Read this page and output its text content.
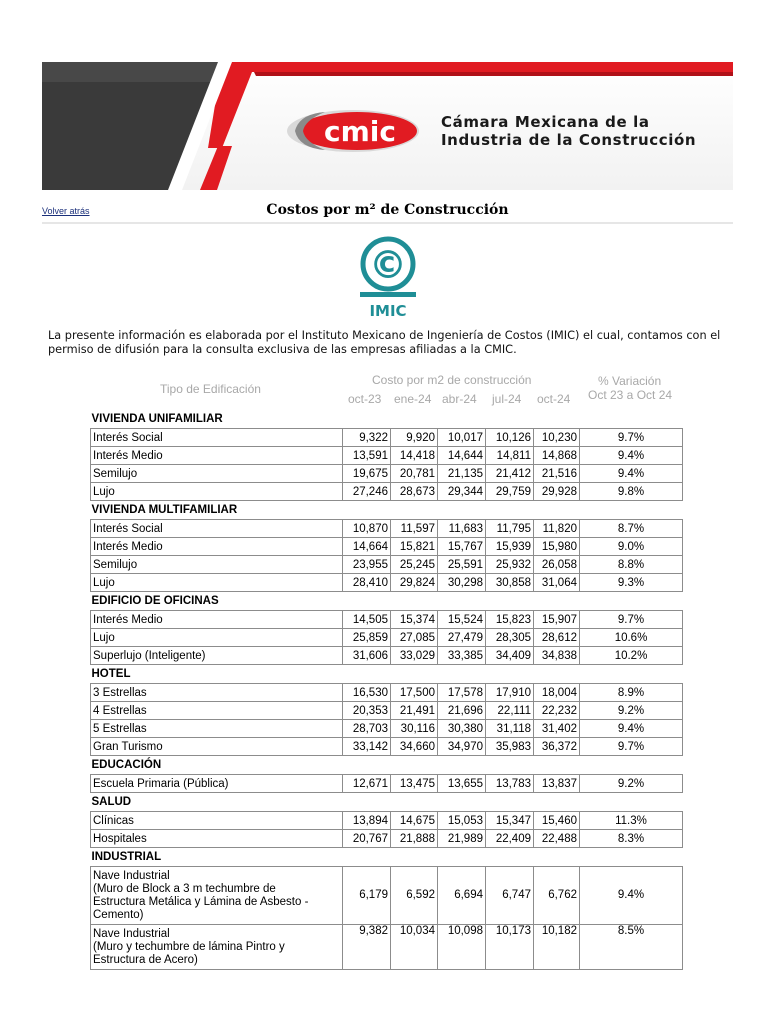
cmic	Cámara Mexicana de la
Industria de la Construcción
Volver atrás	Costos por m² de Construcción
©
IMIC
La presente información es elaborada por el Instituto Mexicano de Ingeniería de Costos (IMIC) el cual, contamos con el permiso de difusión para la consulta exclusiva de las empresas afiliadas a la CMIC.
Tipo de Edificación
Costo por m2 de construcción
oct-23 ene-24 abr-24 jul-24 oct-24
% Variación
Oct 23 a Oct 24
VIVIENDA UNIFAMILIAR						

Interés Social	9,322	9,920	10,017	10,126	10,230	9.7%

Interés Medio	13,591	14,418	14,644	14,811	14,868	9.4%

Semilujo	19,675	20,781	21,135	21,412	21,516	9.4%

Lujo	27,246	28,673	29,344	29,759	29,928	9.8%
VIVIENDA MULTIFAMILIAR						

Interés Social	10,870	11,597	11,683	11,795	11,820	8.7%

Interés Medio	14,664	15,821	15,767	15,939	15,980	9.0%

Semilujo	23,955	25,245	25,591	25,932	26,058	8.8%

Lujo	28,410	29,824	30,298	30,858	31,064	9.3%
EDIFICIO DE OFICINAS						

Interés Medio	14,505	15,374	15,524	15,823	15,907	9.7%

Lujo	25,859	27,085	27,479	28,305	28,612	10.6%

Superlujo (Inteligente)	31,606	33,029	33,385	34,409	34,838	10.2%
HOTEL						

3 Estrellas	16,530	17,500	17,578	17,910	18,004	8.9%

4 Estrellas	20,353	21,491	21,696	22,111	22,232	9.2%

5 Estrellas	28,703	30,116	30,380	31,118	31,402	9.4%

Gran Turismo	33,142	34,660	34,970	35,983	36,372	9.7%
EDUCACIÓN						

Escuela Primaria (Pública)	12,671	13,475	13,655	13,783	13,837	9.2%
SALUD						

Clínicas	13,894	14,675	15,053	15,347	15,460	11.3%

Hospitales	20,767	21,888	21,989	22,409	22,488	8.3%
INDUSTRIAL						

Nave Industrial
(Muro de Block a 3 m techumbre de
Estructura Metálica y Lámina de Asbesto -
Cemento)	6,179	6,592	6,694	6,747	6,762	9.4%

Nave Industrial
(Muro y techumbre de lámina Pintro y
Estructura de Acero)	9,382	10,034	10,098	10,173	10,182	8.5%
